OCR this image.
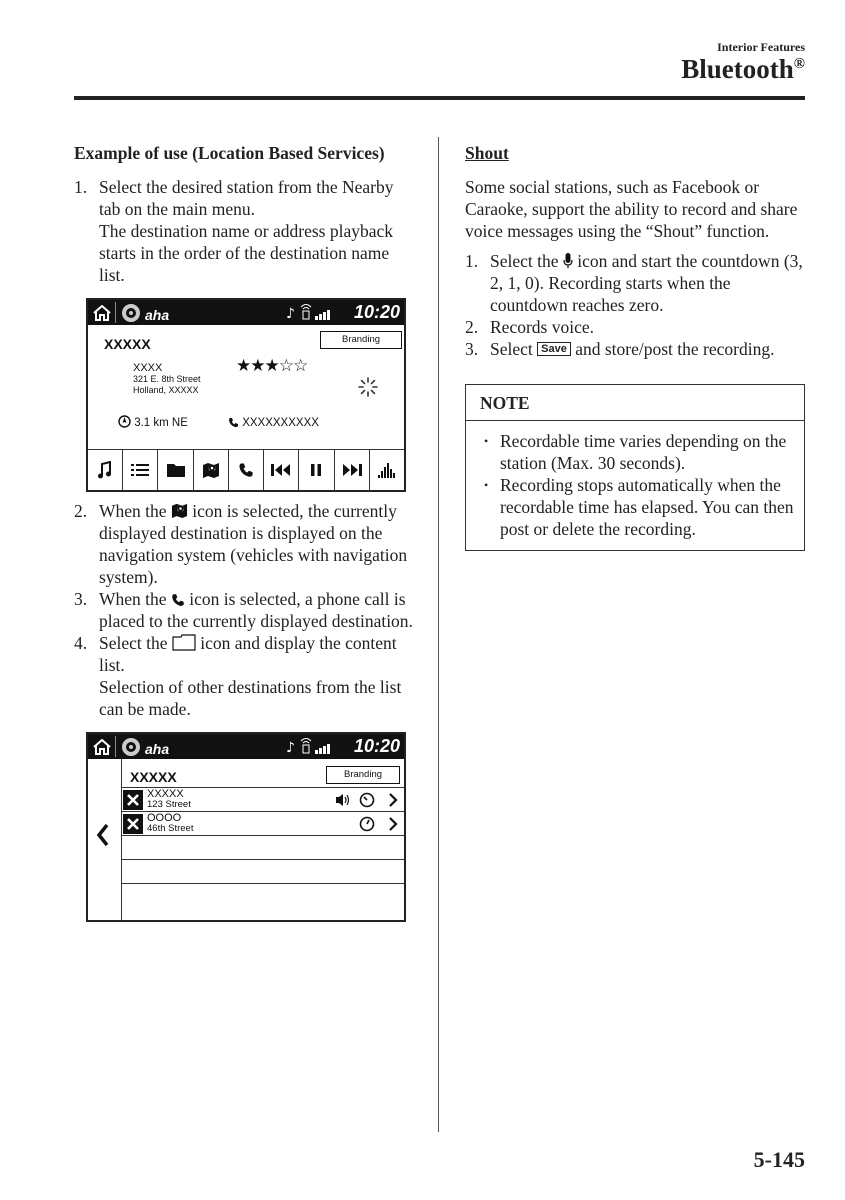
Interior Features
Bluetooth®

Example of use (Location Based Services)

1. Select the desired station from the Nearby tab on the main menu.
The destination name or address playback starts in the order of the destination name list.
aha	♪	10:20
XXXXX	Branding
XXXX
321 E. 8th Street
Holland, XXXXX
★★★☆☆
3.1 km NE	XXXXXXXXXX
2. When the icon is selected, the currently displayed destination is displayed on the navigation system (vehicles with navigation system).
3. When the icon is selected, a phone call is placed to the currently displayed destination.
4. Select the icon and display the content list.
Selection of other destinations from the list can be made.
aha	♪	10:20
XXXXX	Branding
XXXXX
123 Street
OOOO
46th Street

Shout

Some social stations, such as Facebook or Caraoke, support the ability to record and share voice messages using the “Shout” function.

1. Select the icon and start the countdown (3, 2, 1, 0). Recording starts when the countdown reaches zero.
2. Records voice.
3. Select Save and store/post the recording.
NOTE
• Recordable time varies depending on the station (Max. 30 seconds).
• Recording stops automatically when the recordable time has elapsed. You can then post or delete the recording.
5-145
